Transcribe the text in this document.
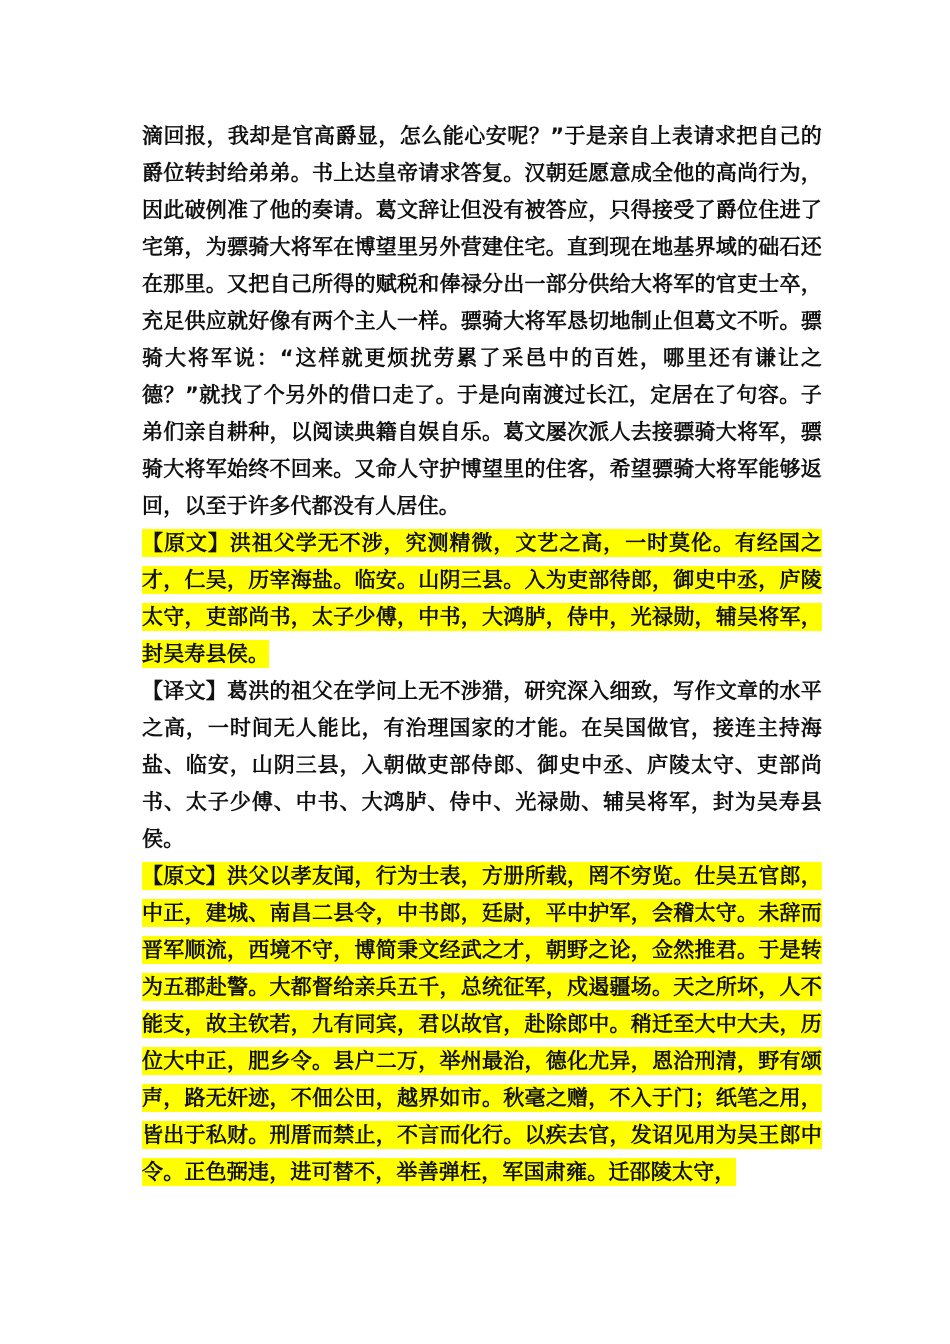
滴回报，我却是官高爵显，怎么能心安呢？”于是亲自上表请求把自己的爵位转封给弟弟。书上达皇帝请求答复。汉朝廷愿意成全他的高尚行为，因此破例准了他的奏请。葛文辞让但没有被答应，只得接受了爵位住进了宅第，为骠骑大将军在博望里另外营建住宅。直到现在地基界域的础石还在那里。又把自己所得的赋税和俸禄分出一部分供给大将军的官吏士卒，充足供应就好像有两个主人一样。骠骑大将军恳切地制止但葛文不听。骠骑大将军说：“这样就更烦扰劳累了采邑中的百姓，哪里还有谦让之德？”就找了个另外的借口走了。于是向南渡过长江，定居在了句容。子弟们亲自耕种，以阅读典籍自娱自乐。葛文屡次派人去接骠骑大将军，骠骑大将军始终不回来。又命人守护博望里的住客，希望骠骑大将军能够返回，以至于许多代都没有人居住。

【原文】洪祖父学无不涉，究测精微，文艺之高，一时莫伦。有经国之才，仁吴，历宰海盐。临安。山阴三县。入为吏部待郎，御史中丞，庐陵太守，吏部尚书，太子少傅，中书，大鸿胪，侍中，光禄勋，辅吴将军，封吴寿县侯。

【译文】葛洪的祖父在学问上无不涉猎，研究深入细致，写作文章的水平之高，一时间无人能比，有治理国家的才能。在吴国做官，接连主持海盐、临安，山阴三县，入朝做吏部侍郎、御史中丞、庐陵太守、吏部尚书、太子少傅、中书、大鸿胪、侍中、光禄勋、辅吴将军，封为吴寿县侯。

【原文】洪父以孝友闻，行为士表，方册所载，罔不穷览。仕吴五官郎，中正，建城、南昌二县令，中书郎，廷尉，平中护军，会稽太守。未辞而晋军顺流，西境不守，博简秉文经武之才，朝野之论，佥然推君。于是转为五郡赴警。大都督给亲兵五千，总统征军，戍遏疆场。天之所坏，人不能支，故主钦若，九有同宾，君以故官，赴除郎中。稍迁至大中大夫，历位大中正，肥乡令。县户二万，举州最治，德化尤异，恩洽刑清，野有颂声，路无奸迹，不佃公田，越界如市。秋毫之赠，不入于门；纸笔之用，皆出于私财。刑厝而禁止，不言而化行。以疾去官，发诏见用为吴王郎中令。正色弼违，进可替不，举善弹枉，军国肃雍。迁邵陵太守，
